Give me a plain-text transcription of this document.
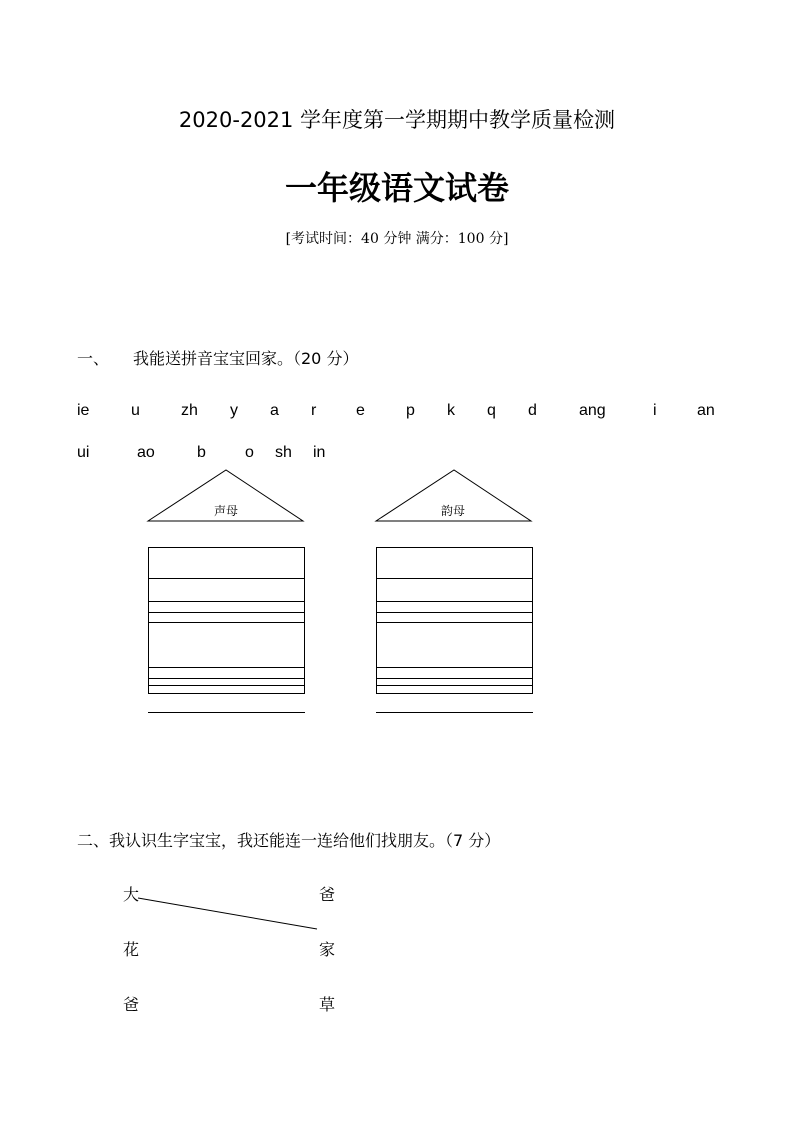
2020-2021 学年度第一学期期中教学质量检测
一年级语文试卷
[考试时间：40 分钟 满分：100 分]
一、 我能送拼音宝宝回家。（20 分）
ie	u	zh y a r e	p k q d	ang	i	an
ui	ao	b o sh in
声母	韵母
二、我认识生字宝宝，我还能连一连给他们找朋友。（7 分）
大
花
爸
爸
家
草
